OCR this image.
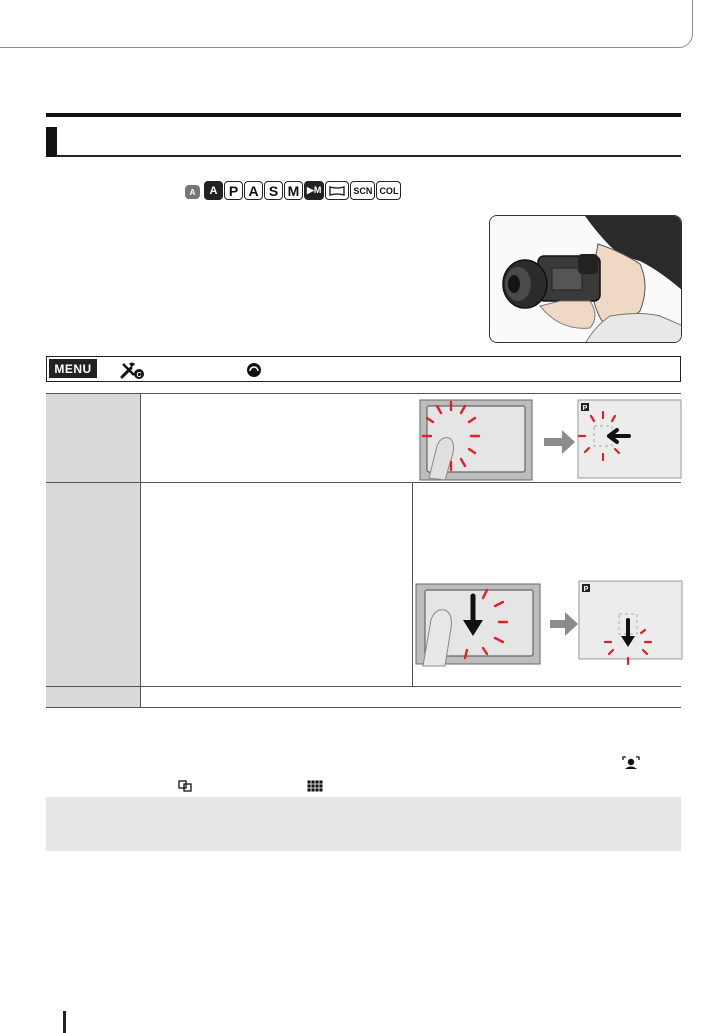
A	A P A S M ▶M	SCN COL
MENU	C
P
P
